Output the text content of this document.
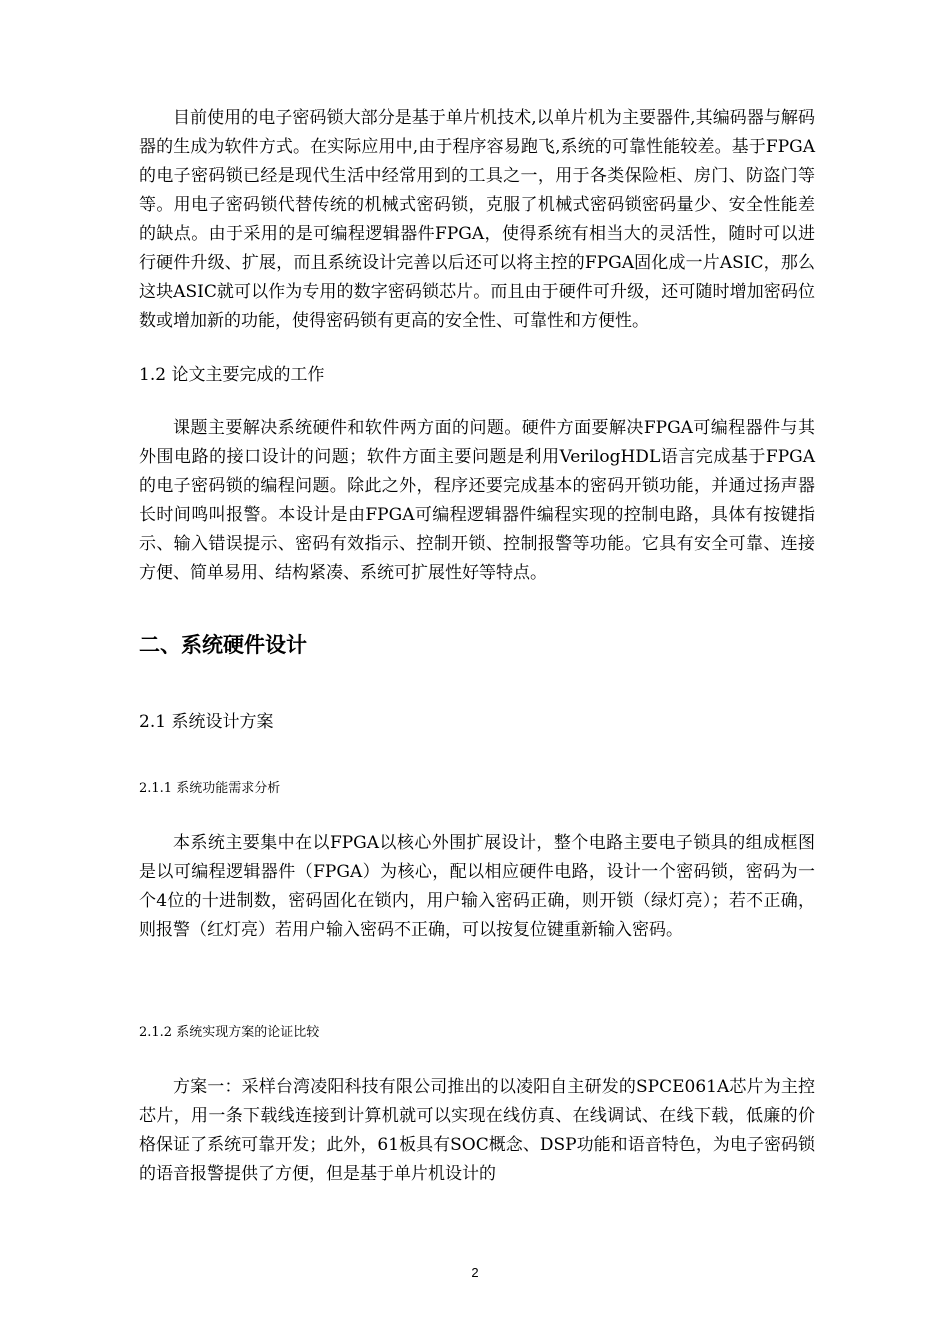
目前使用的电子密码锁大部分是基于单片机技术,以单片机为主要器件,其编码器与解码器的生成为软件方式。在实际应用中,由于程序容易跑飞,系统的可靠性能较差。基于FPGA的电子密码锁已经是现代生活中经常用到的工具之一，用于各类保险柜、房门、防盗门等等。用电子密码锁代替传统的机械式密码锁，克服了机械式密码锁密码量少、安全性能差的缺点。由于采用的是可编程逻辑器件FPGA，使得系统有相当大的灵活性，随时可以进行硬件升级、扩展，而且系统设计完善以后还可以将主控的FPGA固化成一片ASIC，那么这块ASIC就可以作为专用的数字密码锁芯片。而且由于硬件可升级，还可随时增加密码位数或增加新的功能，使得密码锁有更高的安全性、可靠性和方便性。

1.2 论文主要完成的工作

课题主要解决系统硬件和软件两方面的问题。硬件方面要解决FPGA可编程器件与其外围电路的接口设计的问题；软件方面主要问题是利用VerilogHDL语言完成基于FPGA的电子密码锁的编程问题。除此之外，程序还要完成基本的密码开锁功能，并通过扬声器长时间鸣叫报警。本设计是由FPGA可编程逻辑器件编程实现的控制电路，具体有按键指示、输入错误提示、密码有效指示、控制开锁、控制报警等功能。它具有安全可靠、连接方便、简单易用、结构紧凑、系统可扩展性好等特点。

二、系统硬件设计
2.1 系统设计方案
2.1.1 系统功能需求分析

本系统主要集中在以FPGA以核心外围扩展设计，整个电路主要电子锁具的组成框图是以可编程逻辑器件（FPGA）为核心，配以相应硬件电路，设计一个密码锁，密码为一个4位的十进制数，密码固化在锁内，用户输入密码正确，则开锁（绿灯亮）；若不正确，则报警（红灯亮）若用户输入密码不正确，可以按复位键重新输入密码。

2.1.2 系统实现方案的论证比较

方案一：采样台湾凌阳科技有限公司推出的以凌阳自主研发的SPCE061A芯片为主控芯片，用一条下载线连接到计算机就可以实现在线仿真、在线调试、在线下载，低廉的价格保证了系统可靠开发；此外，61板具有SOC概念、DSP功能和语音特色，为电子密码锁的语音报警提供了方便，但是基于单片机设计的

2
